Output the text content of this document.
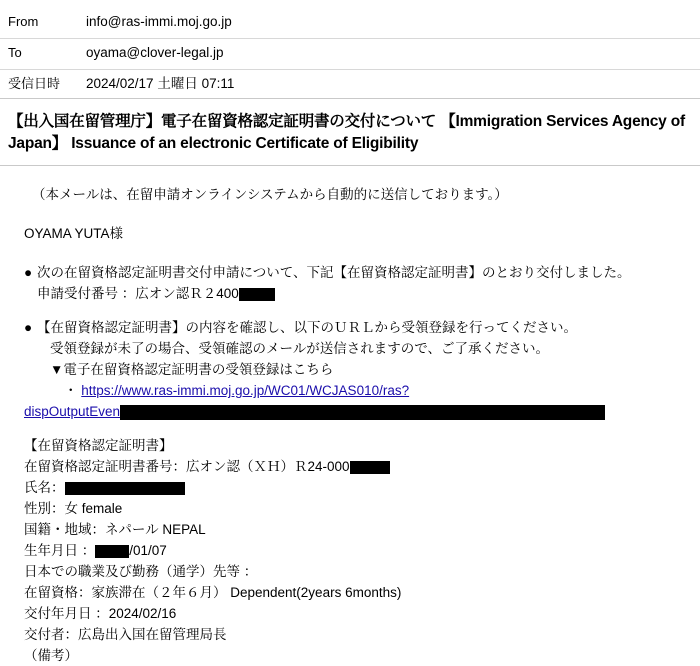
From	info@ras-immi.moj.go.jp
To	oyama@clover-legal.jp
受信日時	2024/02/17 土曜日 07:11
【出入国在留管理庁】電子在留資格認定証明書の交付について 【Immigration Services Agency of Japan】 Issuance of an electronic Certificate of Eligibility
（本メールは、在留申請オンラインシステムから自動的に送信しております。）
OYAMA YUTA様
● 次の在留資格認定証明書交付申請について、下記【在留資格認定証明書】のとおり交付しました。
申請受付番号 ：広オン認Ｒ２400
● 【在留資格認定証明書】の内容を確認し、以下のＵＲＬから受領登録を行ってください。
受領登録が未了の場合、受領確認のメールが送信されますので、ご了承ください。
▼電子在留資格認定証明書の受領登録はこちら
・ https://www.ras-immi.moj.go.jp/WC01/WCJAS010/ras?
dispOutputEven
【在留資格認定証明書】
在留資格認定証明書番号：広オン認（ＸＨ）Ｒ24-000
氏名：
性別：女 female
国籍・地域：ネパール NEPAL
生年月日 ：	/01/07
日本での職業及び勤務（通学）先等 ：
在留資格：家族滞在（２年６月） Dependent(2years 6months)
交付年月日 ：2024/02/16
交付者：広島出入国在留管理局長
（備考）
